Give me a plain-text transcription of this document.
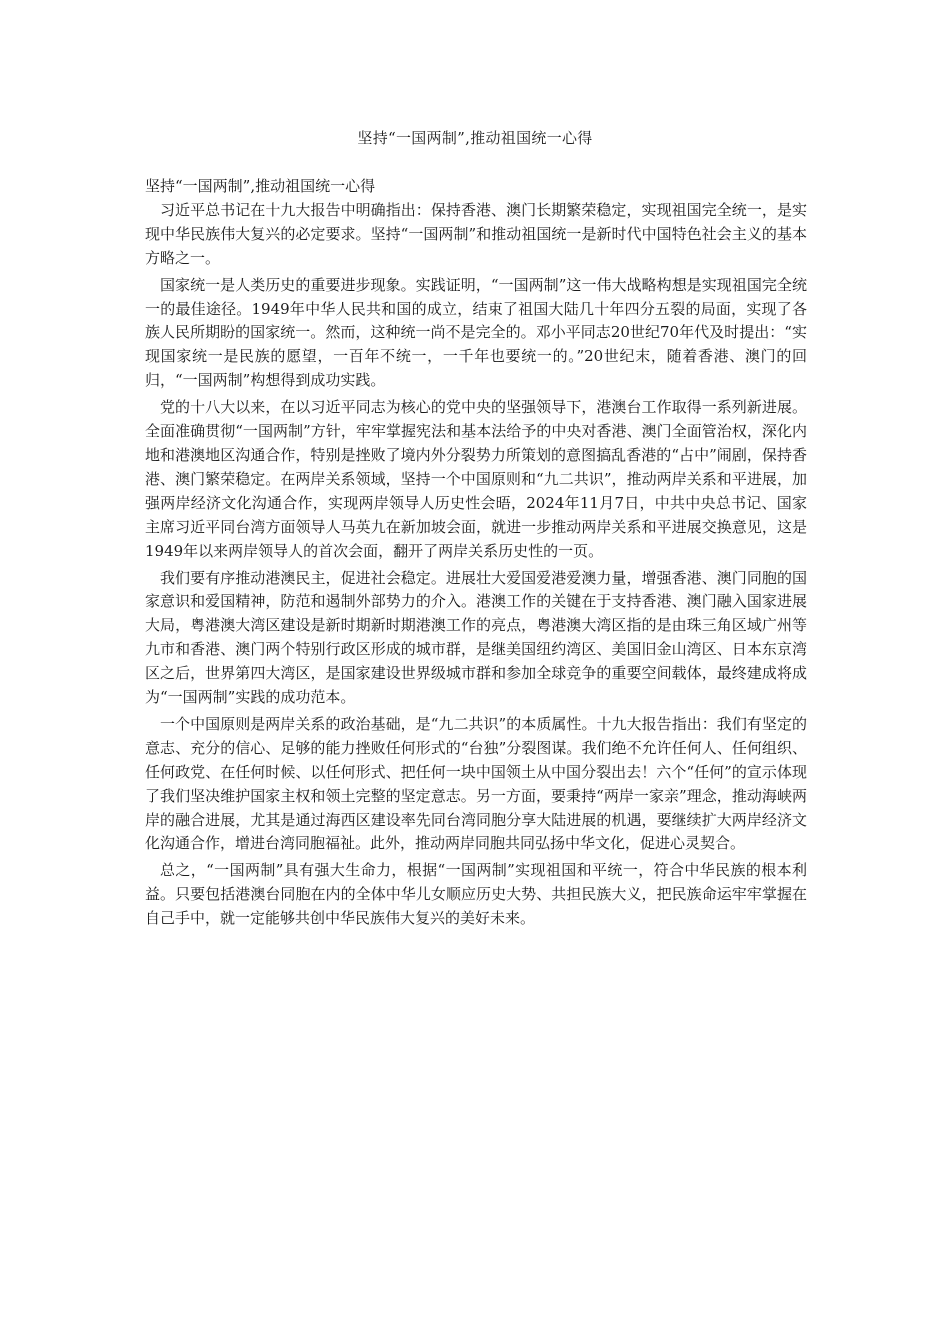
坚持“一国两制”,推动祖国统一心得

坚持“一国两制”,推动祖国统一心得

习近平总书记在十九大报告中明确指出：保持香港、澳门长期繁荣稳定，实现祖国完全统一，是实现中华民族伟大复兴的必定要求。坚持“一国两制”和推动祖国统一是新时代中国特色社会主义的基本方略之一。

国家统一是人类历史的重要进步现象。实践证明，“一国两制”这一伟大战略构想是实现祖国完全统一的最佳途径。1949年中华人民共和国的成立，结束了祖国大陆几十年四分五裂的局面，实现了各族人民所期盼的国家统一。然而，这种统一尚不是完全的。邓小平同志20世纪70年代及时提出：“实现国家统一是民族的愿望，一百年不统一，一千年也要统一的。”20世纪末，随着香港、澳门的回归，“一国两制”构想得到成功实践。

党的十八大以来，在以习近平同志为核心的党中央的坚强领导下，港澳台工作取得一系列新进展。全面准确贯彻“一国两制”方针，牢牢掌握宪法和基本法给予的中央对香港、澳门全面管治权，深化内地和港澳地区沟通合作，特别是挫败了境内外分裂势力所策划的意图搞乱香港的“占中”闹剧，保持香港、澳门繁荣稳定。在两岸关系领域，坚持一个中国原则和“九二共识”，推动两岸关系和平进展，加强两岸经济文化沟通合作，实现两岸领导人历史性会晤，2024年11月7日，中共中央总书记、国家主席习近平同台湾方面领导人马英九在新加坡会面，就进一步推动两岸关系和平进展交换意见，这是1949年以来两岸领导人的首次会面，翻开了两岸关系历史性的一页。

我们要有序推动港澳民主，促进社会稳定。进展壮大爱国爱港爱澳力量，增强香港、澳门同胞的国家意识和爱国精神，防范和遏制外部势力的介入。港澳工作的关键在于支持香港、澳门融入国家进展大局，粤港澳大湾区建设是新时期新时期港澳工作的亮点，粤港澳大湾区指的是由珠三角区域广州等九市和香港、澳门两个特别行政区形成的城市群，是继美国纽约湾区、美国旧金山湾区、日本东京湾区之后，世界第四大湾区，是国家建设世界级城市群和参加全球竞争的重要空间载体，最终建成将成为“一国两制”实践的成功范本。

一个中国原则是两岸关系的政治基础，是“九二共识”的本质属性。十九大报告指出：我们有坚定的意志、充分的信心、足够的能力挫败任何形式的“台独”分裂图谋。我们绝不允许任何人、任何组织、任何政党、在任何时候、以任何形式、把任何一块中国领土从中国分裂出去！六个“任何”的宣示体现了我们坚决维护国家主权和领土完整的坚定意志。另一方面，要秉持“两岸一家亲”理念，推动海峡两岸的融合进展，尤其是通过海西区建设率先同台湾同胞分享大陆进展的机遇，要继续扩大两岸经济文化沟通合作，增进台湾同胞福祉。此外，推动两岸同胞共同弘扬中华文化，促进心灵契合。

总之，“一国两制”具有强大生命力，根据“一国两制”实现祖国和平统一，符合中华民族的根本利益。只要包括港澳台同胞在内的全体中华儿女顺应历史大势、共担民族大义，把民族命运牢牢掌握在自己手中，就一定能够共创中华民族伟大复兴的美好未来。
